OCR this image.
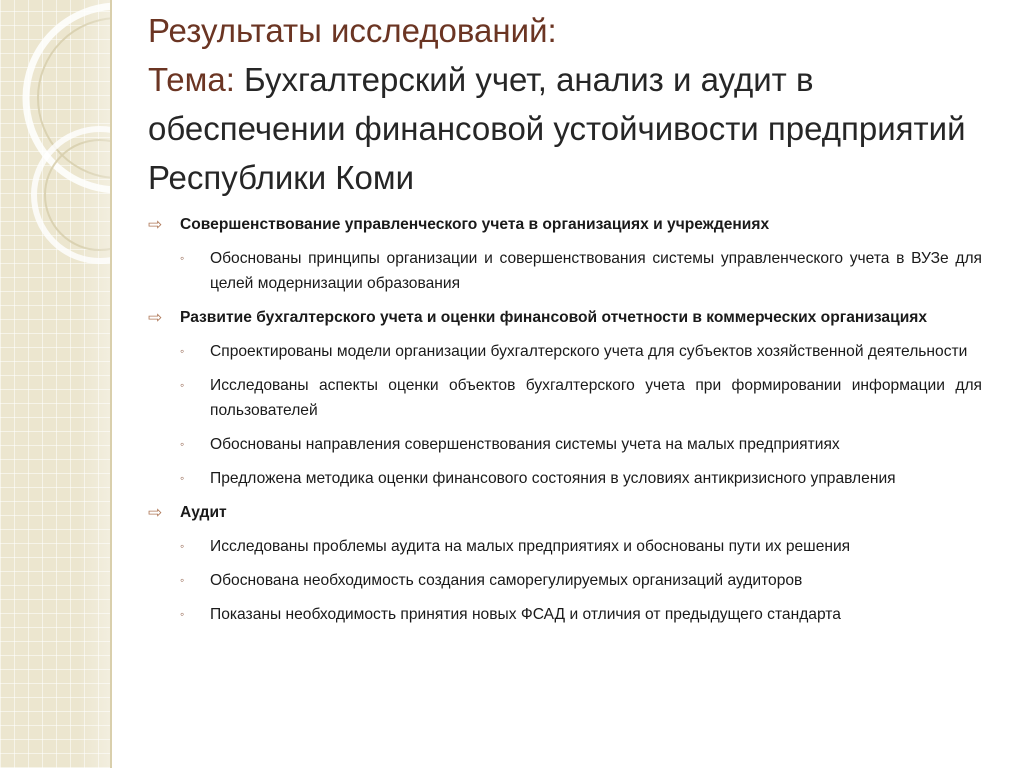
Результаты исследований:
Тема: Бухгалтерский учет, анализ и аудит в обеспечении финансовой устойчивости предприятий Республики Коми
⇨	Совершенствование управленческого учета в организациях и учреждениях
◦	Обоснованы принципы организации и совершенствования системы управленческого учета в ВУЗе для целей модернизации образования
⇨	Развитие бухгалтерского учета и оценки финансовой отчетности в коммерческих организациях
◦	Спроектированы модели организации бухгалтерского учета для субъектов хозяйственной деятельности
◦	Исследованы аспекты оценки объектов бухгалтерского учета при формировании информации для пользователей
◦	Обоснованы направления совершенствования системы учета на малых предприятиях
◦	Предложена методика оценки финансового состояния в условиях антикризисного управления
⇨	Аудит
◦	Исследованы проблемы аудита на малых предприятиях и обоснованы пути их решения
◦	Обоснована необходимость создания саморегулируемых организаций аудиторов
◦	Показаны необходимость принятия новых ФСАД и отличия от предыдущего стандарта
